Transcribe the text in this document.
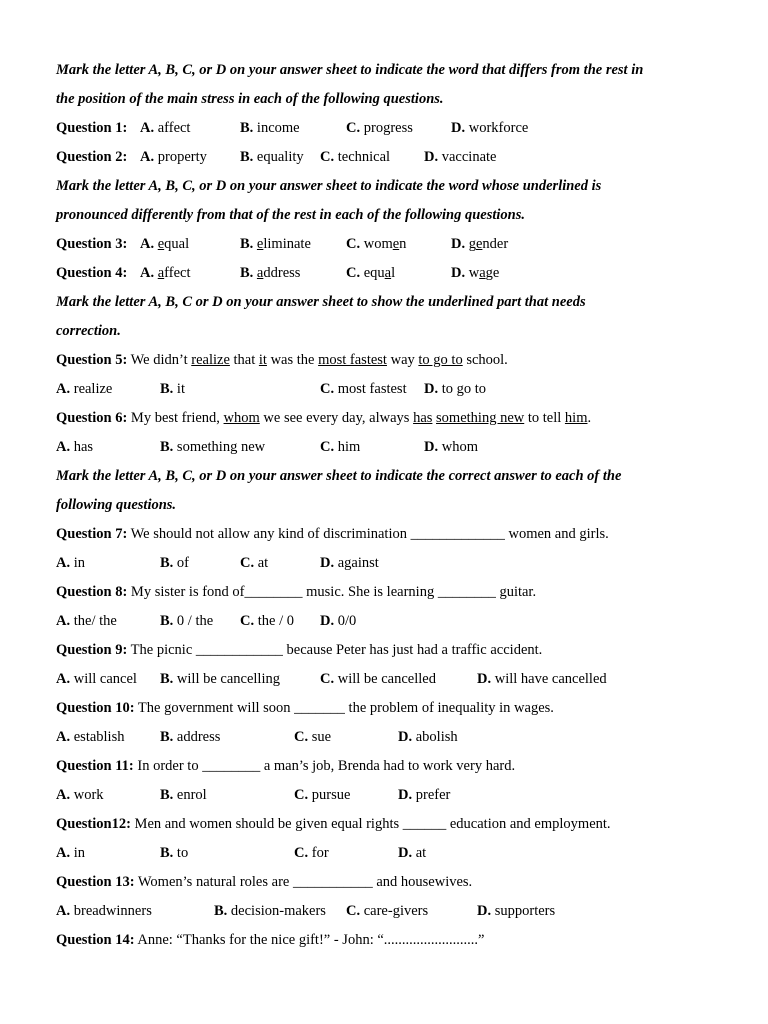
Mark the letter A, B, C, or D on your answer sheet to indicate the word that differs from the rest in
the position of the main stress in each of the following questions.
Question 1: A. affect	B. income	C. progress	D. workforce
Question 2: A. property B. equality C. technical D. vaccinate
Mark the letter A, B, C, or D on your answer sheet to indicate the word whose underlined is
pronounced differently from that of the rest in each of the following questions.
Question 3: A. equal	B. eliminate C. women	D. gender
Question 4: A. affect	B. address	C. equal	D. wage
Mark the letter A, B, C or D on your answer sheet to show the underlined part that needs
correction.
Question 5: We didn’t realize that it was the most fastest way to go to school.
A. realize	B. it	C. most fastest D. to go to
Question 6: My best friend, whom we see every day, always has something new to tell him.
A. has	B. something new	C. him	D. whom
Mark the letter A, B, C, or D on your answer sheet to indicate the correct answer to each of the
following questions.
Question 7: We should not allow any kind of discrimination _____________ women and girls.
A. in	B. of	C. at	D. against
Question 8: My sister is fond of________ music. She is learning ________ guitar.
A. the/ the	B. 0 / the C. the / 0 D. 0/0
Question 9: The picnic ____________ because Peter has just had a traffic accident.
A. will cancel B. will be cancelling	C. will be cancelled	D. will have cancelled
Question 10: The government will soon _______ the problem of inequality in wages.
A. establish B. address	C. sue	D. abolish
Question 11: In order to ________ a man’s job, Brenda had to work very hard.
A. work	B. enrol	C. pursue	D. prefer
Question12: Men and women should be given equal rights ______ education and employment.
A. in	B. to	C. for	D. at
Question 13: Women’s natural roles are ___________ and housewives.
A. breadwinners	B. decision-makers C. care-givers	D. supporters
Question 14: Anne: “Thanks for the nice gift!” - John: “..........................”
